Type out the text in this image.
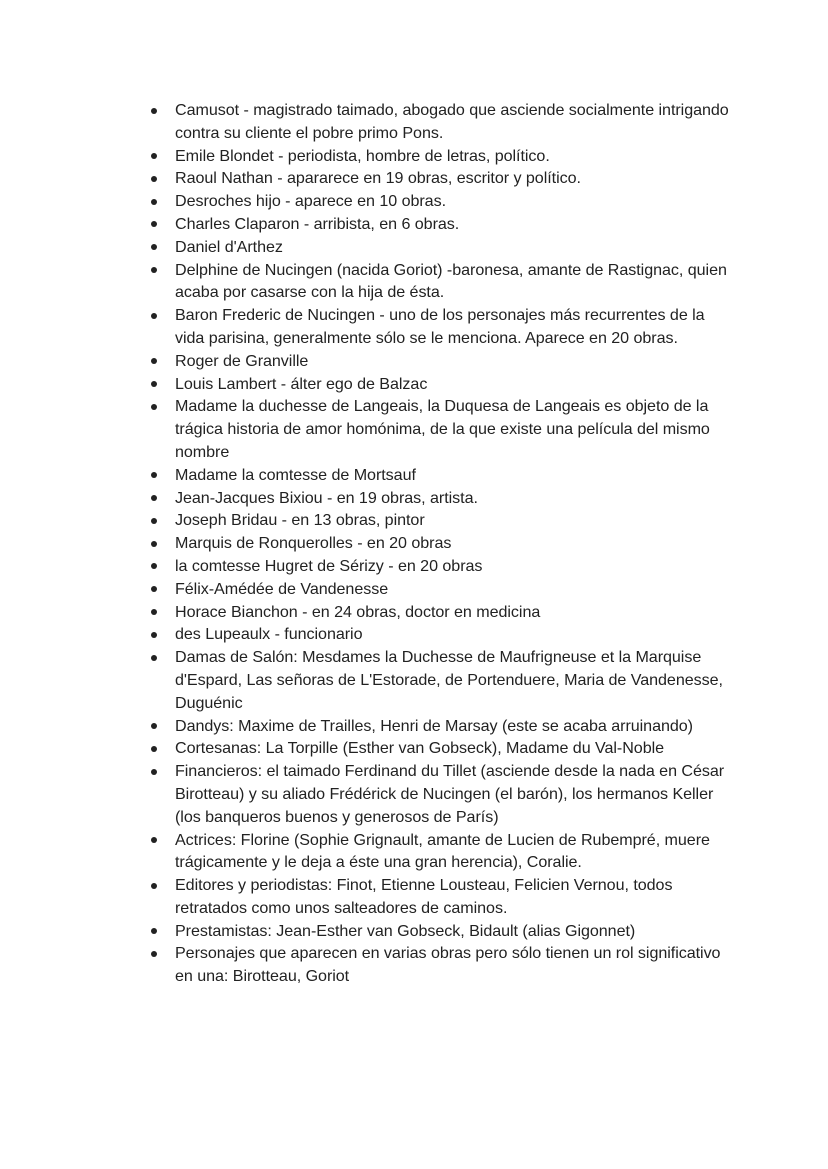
Camusot - magistrado taimado, abogado que asciende socialmente intrigando contra su cliente el pobre primo Pons.
Emile Blondet - periodista, hombre de letras, político.
Raoul Nathan - apararece en 19 obras, escritor y político.
Desroches hijo - aparece en 10 obras.
Charles Claparon - arribista, en 6 obras.
Daniel d'Arthez
Delphine de Nucingen (nacida Goriot) -baronesa, amante de Rastignac, quien acaba por casarse con la hija de ésta.
Baron Frederic de Nucingen - uno de los personajes más recurrentes de la vida parisina, generalmente sólo se le menciona. Aparece en 20 obras.
Roger de Granville
Louis Lambert - álter ego de Balzac
Madame la duchesse de Langeais, la Duquesa de Langeais es objeto de la trágica historia de amor homónima, de la que existe una película del mismo nombre
Madame la comtesse de Mortsauf
Jean-Jacques Bixiou - en 19 obras, artista.
Joseph Bridau - en 13 obras, pintor
Marquis de Ronquerolles - en 20 obras
la comtesse Hugret de Sérizy - en 20 obras
Félix-Amédée de Vandenesse
Horace Bianchon - en 24 obras, doctor en medicina
des Lupeaulx - funcionario
Damas de Salón: Mesdames la Duchesse de Maufrigneuse et la Marquise d'Espard, Las señoras de L'Estorade, de Portenduere, Maria de Vandenesse, Duguénic
Dandys: Maxime de Trailles, Henri de Marsay (este se acaba arruinando)
Cortesanas: La Torpille (Esther van Gobseck), Madame du Val-Noble
Financieros: el taimado Ferdinand du Tillet (asciende desde la nada en César Birotteau) y su aliado Frédérick de Nucingen (el barón), los hermanos Keller (los banqueros buenos y generosos de París)
Actrices: Florine (Sophie Grignault, amante de Lucien de Rubempré, muere trágicamente y le deja a éste una gran herencia), Coralie.
Editores y periodistas: Finot, Etienne Lousteau, Felicien Vernou, todos retratados como unos salteadores de caminos.
Prestamistas: Jean-Esther van Gobseck, Bidault (alias Gigonnet)
Personajes que aparecen en varias obras pero sólo tienen un rol significativo en una: Birotteau, Goriot
